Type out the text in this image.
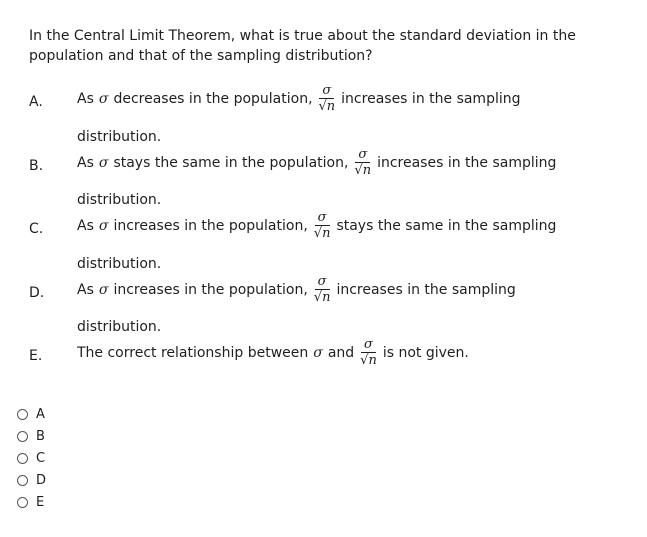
In the Central Limit Theorem, what is true about the standard deviation in the population and that of the sampling distribution?
A. As σ decreases in the population, $\frac{\sigma}{√n}$ increases in the sampling
distribution.
B. As σ stays the same in the population, $\frac{\sigma}{√n}$ increases in the sampling
distribution.
C. As σ increases in the population, $\frac{\sigma}{√n}$ stays the same in the sampling
distribution.
D. As σ increases in the population, $\frac{\sigma}{√n}$ increases in the sampling
distribution.
E. The correct relationship between σ and $\frac{\sigma}{√n}$ is not given.
A
B
C
D
E
